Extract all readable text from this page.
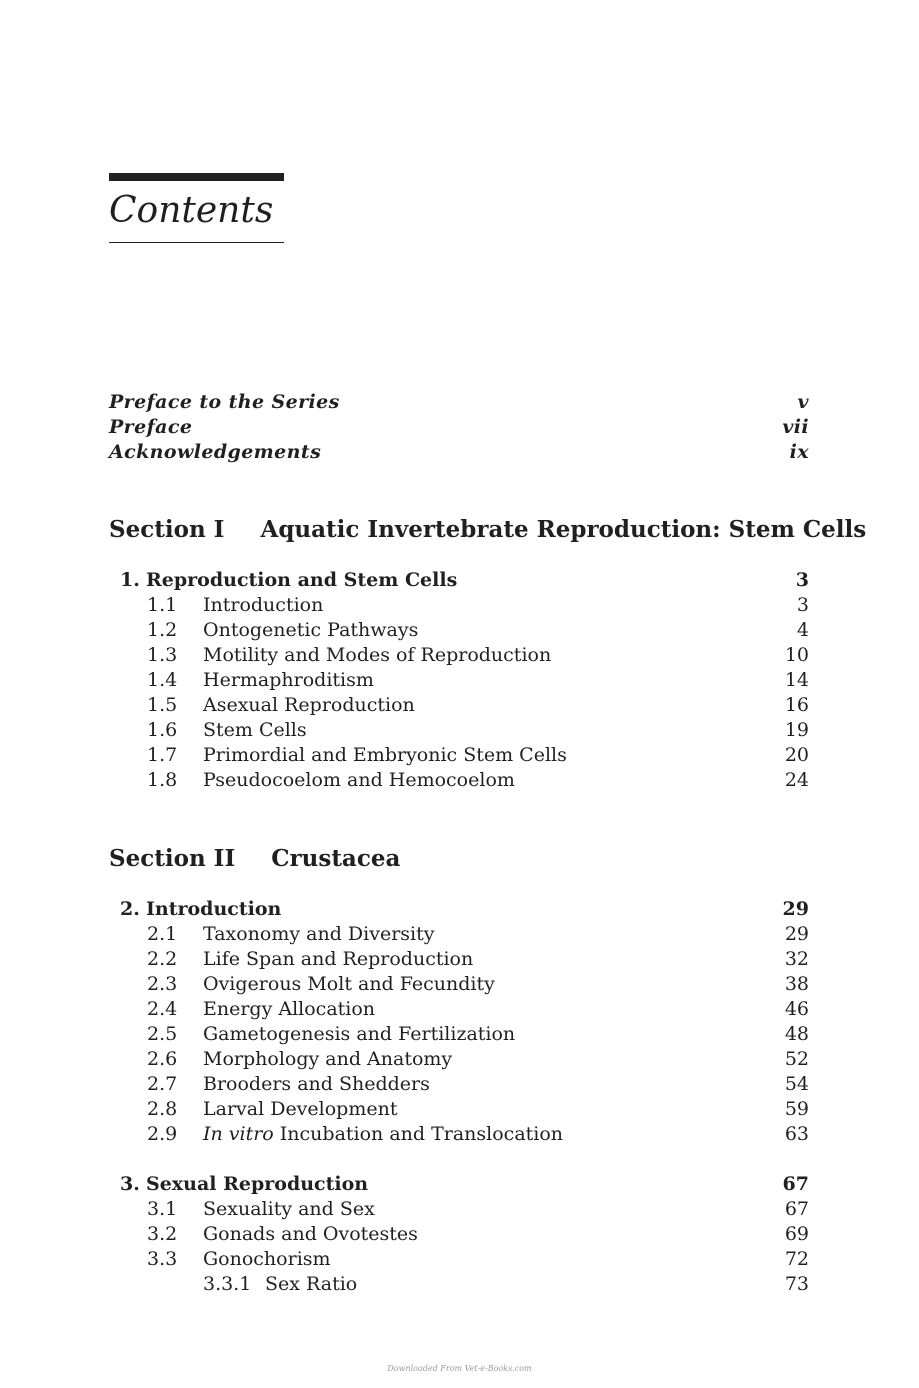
Contents
Preface to the Series	v
Preface	vii
Acknowledgements	ix
Section I Aquatic Invertebrate Reproduction: Stem Cells
1. Reproduction and Stem Cells	3
1.1 Introduction	3
1.2 Ontogenetic Pathways	4
1.3 Motility and Modes of Reproduction	10
1.4 Hermaphroditism	14
1.5 Asexual Reproduction	16
1.6 Stem Cells	19
1.7 Primordial and Embryonic Stem Cells	20
1.8 Pseudocoelom and Hemocoelom	24
Section II Crustacea
2. Introduction	29
2.1 Taxonomy and Diversity	29
2.2 Life Span and Reproduction	32
2.3 Ovigerous Molt and Fecundity	38
2.4 Energy Allocation	46
2.5 Gametogenesis and Fertilization	48
2.6 Morphology and Anatomy	52
2.7 Brooders and Shedders	54
2.8 Larval Development	59
2.9 In vitro Incubation and Translocation	63
3. Sexual Reproduction	67
3.1 Sexuality and Sex	67
3.2 Gonads and Ovotestes	69
3.3 Gonochorism	72
3.3.1 Sex Ratio	73
Downloaded From Vet-e-Books.com
